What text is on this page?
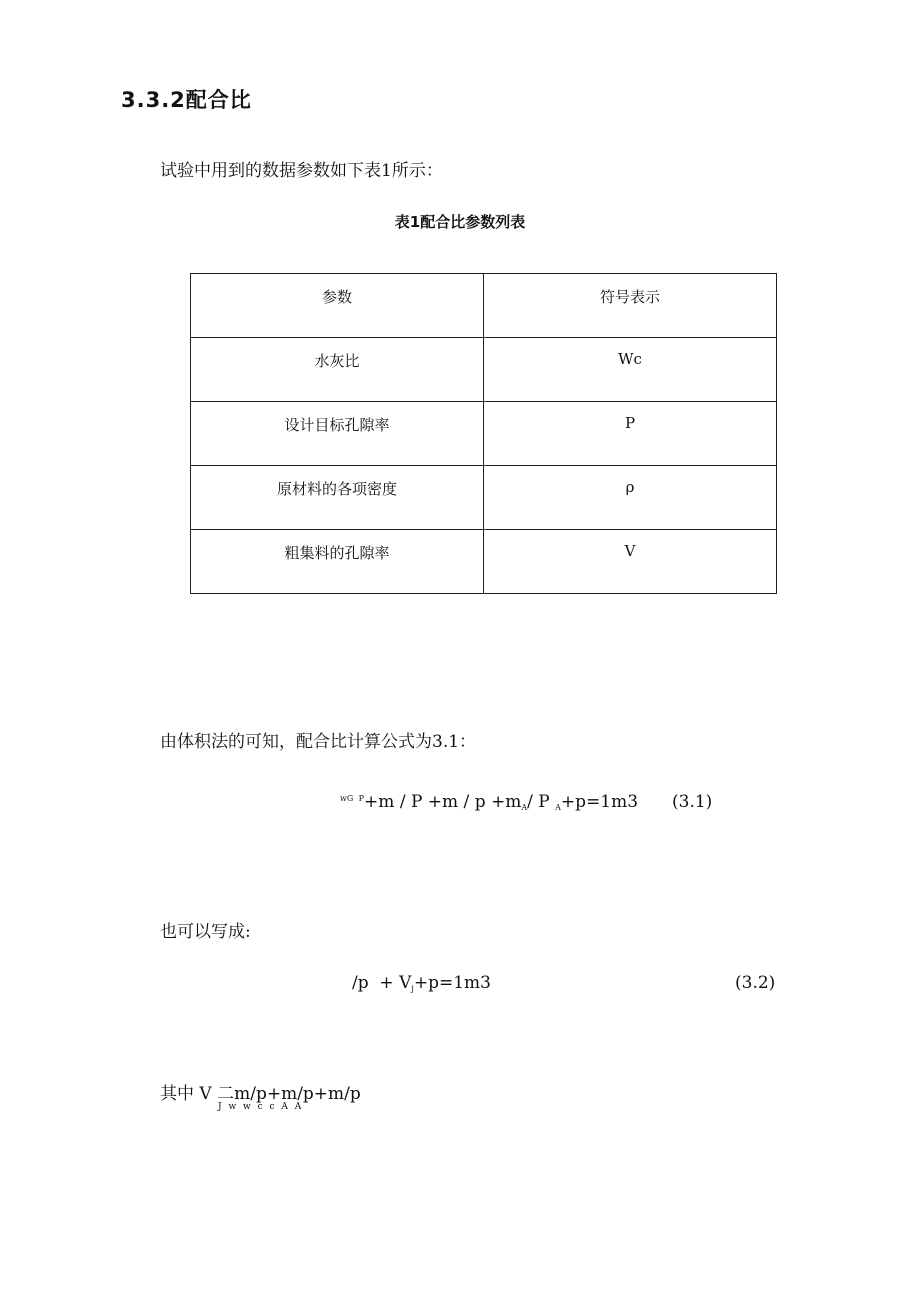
3.3.2配合比
试验中用到的数据参数如下表1所示：
表1配合比参数列表
参数	符号表示
水灰比	Wc
设计目标孔隙率	P
原材料的各项密度	ρ
粗集料的孔隙率	V
由体积法的可知，配合比计算公式为3.1：
$^{wG}$ $^P$+m / P +m / p +mA/ P A+p=1m3 (3.1)
也可以写成:
/p  + Vj+p=1m3	(3.2)
其中 V 二m/p+m/p+m/p
J w w c c A A
